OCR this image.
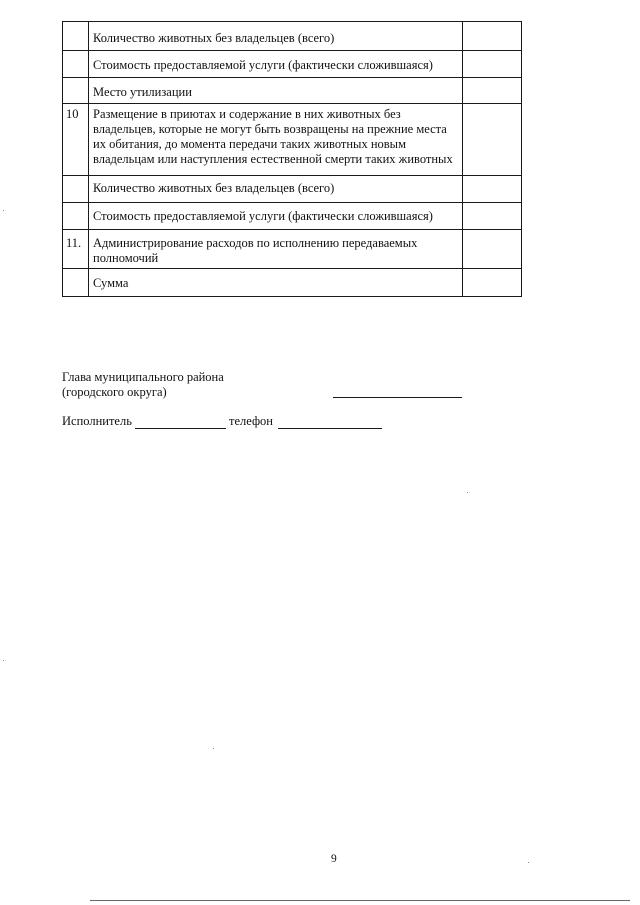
	Количество животных без владельцев (всего)	

	Стоимость предоставляемой услуги (фактически сложившаяся)	

	Место утилизации	

10	Размещение в приютах и содержание в них животных без владельцев, которые не могут быть возвращены на прежние места их обитания, до момента передачи таких животных новым владельцам или наступления естественной смерти таких животных	

	Количество животных без владельцев (всего)	

	Стоимость предоставляемой услуги (фактически сложившаяся)	

11.	Администрирование расходов по исполнению передаваемых полномочий	

	Сумма	

Глава муниципального района
(городского округа)
Исполнитель	телефон
9
